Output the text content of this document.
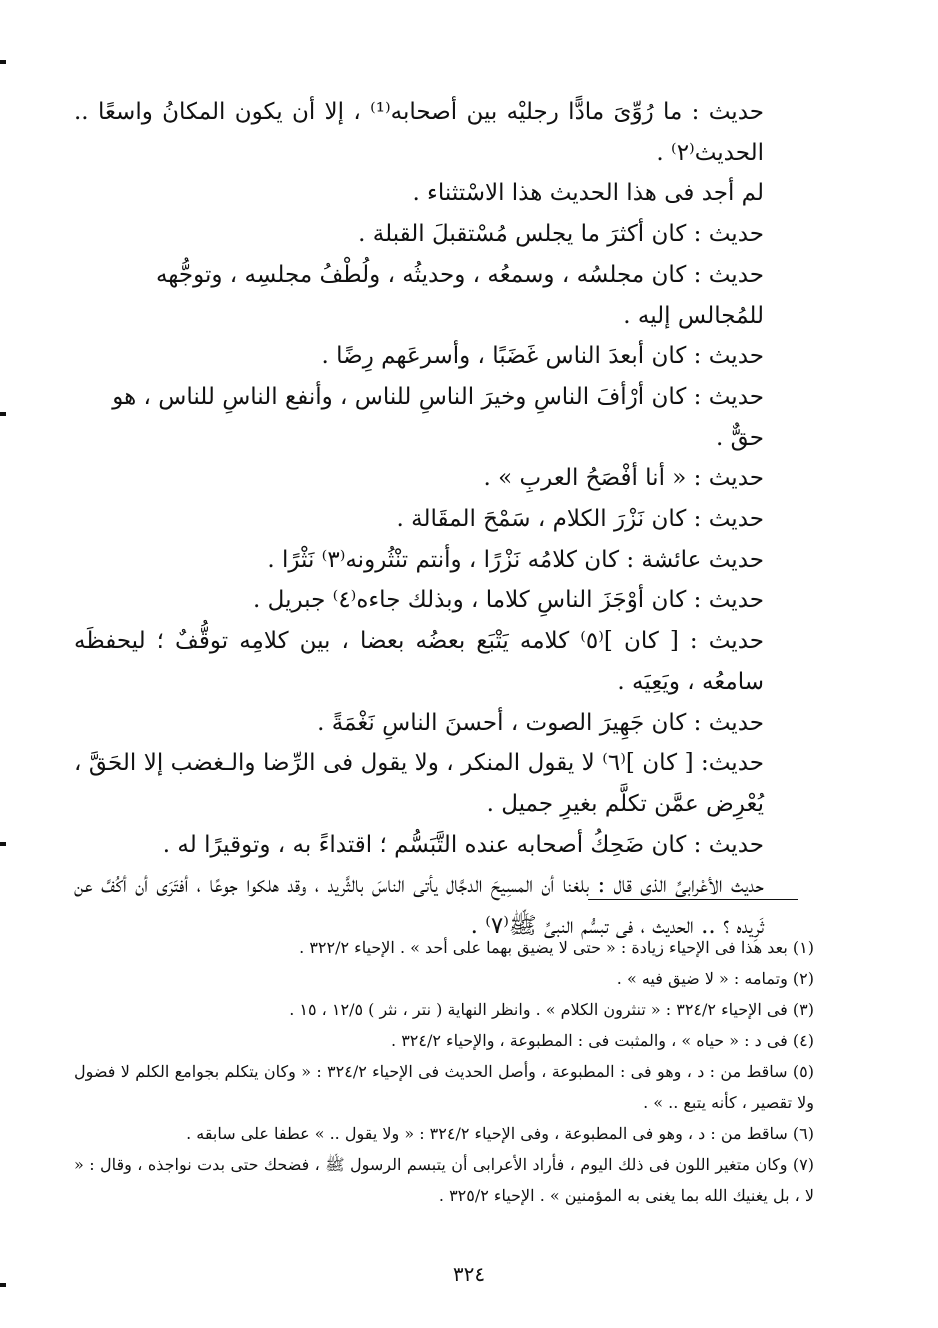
حديث : ما رُوِّىَ مادًّا رجليْه بين أصحابه⁽¹⁾ ، إلا أن يكون المكانُ واسعًا .. الحديث⁽٢⁾ .

لم أجد فى هذا الحديث هذا الاسْتثناء .

حديث : كان أكثرَ ما يجلس مُسْتقبلَ القبلة .

حديث : كان مجلسُه ، وسمعُه ، وحديثُه ، ولُطْفُ مجلسِه ، وتوجُّهه للمُجالس إليه .

حديث : كان أبعدَ الناس غَضَبًا ، وأسرعَهم رِضًا .

حديث : كان أرْأفَ الناسِ وخيرَ الناسِ للناس ، وأنفع الناسِ للناس ، هو حقٌّ .

حديث : « أنا أفْصَحُ العربِ » .

حديث : كان نَزْرَ الكلام ، سَمْحَ المقَالة .

حديث عائشة : كان كلامُه نَزْرًا ، وأنتم تنْثُرونه⁽٣⁾ نَثْرًا .

حديث : كان أوْجَزَ الناسِ كلاما ، وبذلك جاءه⁽٤⁾ جبريل .

حديث : [ كان ]⁽٥⁾ كلامه يَتْبَع بعضُه بعضا ، بين كلامِه توقُّفٌ ؛ ليحفظَه سامعُه ، ويَعِيَه .

حديث : كان جَهِيرَ الصوت ، أحسنَ الناسِ نَغْمَةً .

حديث: [ كان ]⁽٦⁾ لا يقول المنكر ، ولا يقول فى الرِّضا والـغضب إلا الحَقَّ ، يُعْرِض عمَّن تكلَّم بغيرِ جميل .

حديث : كان ضَحِكُ أصحابه عنده التَّبَسُّم ؛ اقتداءً به ، وتوقيرًا له .

حديث الأعْرابىِّ الذى قال : بلغنا أن المسِيحَ الدجَّال يأتى الناسَ بالثَّريد ، وقد هلكوا جوعًا ، أفتَرَى أن أكُفَّ عن ثَرِيده ؟ .. الحديث ، فى تبسُّم النبىِّ ﷺ⁽٧⁾ .

(١) بعد هذا فى الإحياء زيادة : « حتى لا يضيق بهما على أحد » . الإحياء ٣٢٢/٢ .

(٢) وتمامه : « لا ضيق فيه » .

(٣) فى الإحياء ٣٢٤/٢ : « تنثرون الكلام » . وانظر النهاية ( نتر ، نثر ) ١٢/٥ ، ١٥ .

(٤) فى د : « حياه » ، والمثبت فى : المطبوعة ، والإحياء ٣٢٤/٢ .

(٥) ساقط من : د ، وهو فى : المطبوعة ، وأصل الحديث فى الإحياء ٣٢٤/٢ : « وكان يتكلم بجوامع الكلم لا فضول ولا تقصير ، كأنه يتبع .. » .

(٦) ساقط من : د ، وهو فى المطبوعة ، وفى الإحياء ٣٢٤/٢ : « ولا يقول .. » عطفا على سابقه .

(٧) وكان متغير اللون فى ذلك اليوم ، فأراد الأعرابى أن يتبسم الرسول ﷺ ، فضحك حتى بدت نواجذه ، وقال : « لا ، بل يغنيك الله بما يغنى به المؤمنين » . الإحياء ٣٢٥/٢ .

٣٢٤
